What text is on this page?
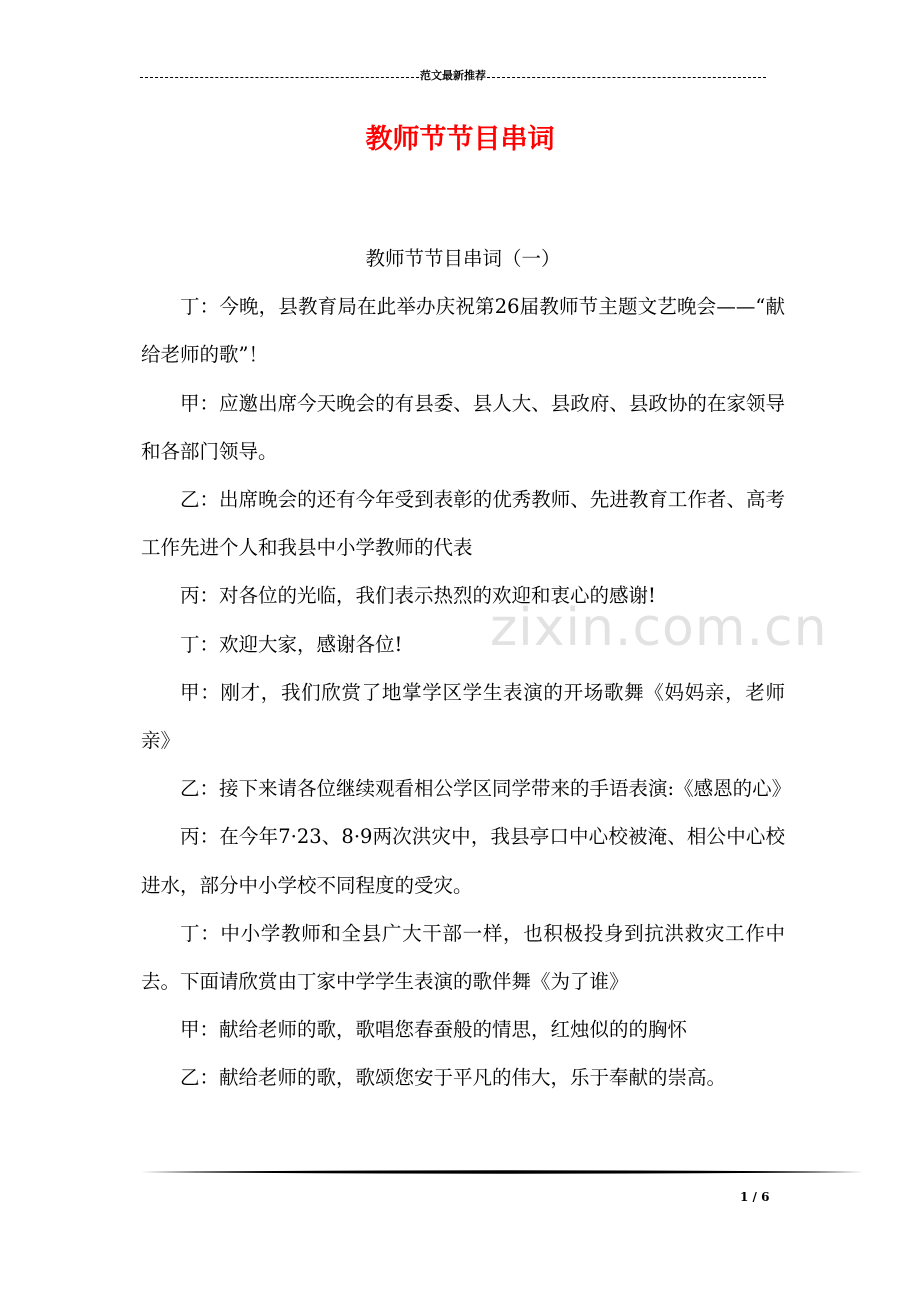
范文最新推荐
教师节节目串词

教师节节目串词（一）

丁：今晚，县教育局在此举办庆祝第26届教师节主题文艺晚会——“献给老师的歌”！

甲：应邀出席今天晚会的有县委、县人大、县政府、县政协的在家领导和各部门领导。

乙：出席晚会的还有今年受到表彰的优秀教师、先进教育工作者、高考 工作先进个人和我县中小学教师的代表

丙：对各位的光临，我们表示热烈的欢迎和衷心的感谢!

丁：欢迎大家，感谢各位!

甲：刚才，我们欣赏了地掌学区学生表演的开场歌舞《妈妈亲，老师亲》

乙：接下来请各位继续观看相公学区同学带来的手语表演:《感恩的心》

丙：在今年7·23、8·9两次洪灾中，我县亭口中心校被淹、相公中心校进水，部分中小学校不同程度的受灾。

丁：中小学教师和全县广大干部一样，也积极投身到抗洪救灾工作中去。下面请欣赏由丁家中学学生表演的歌伴舞《为了谁》

甲：献给老师的歌，歌唱您春蚕般的情思，红烛似的的胸怀

乙：献给老师的歌，歌颂您安于平凡的伟大，乐于奉献的崇高。

zixin.com.cn
1 / 6
